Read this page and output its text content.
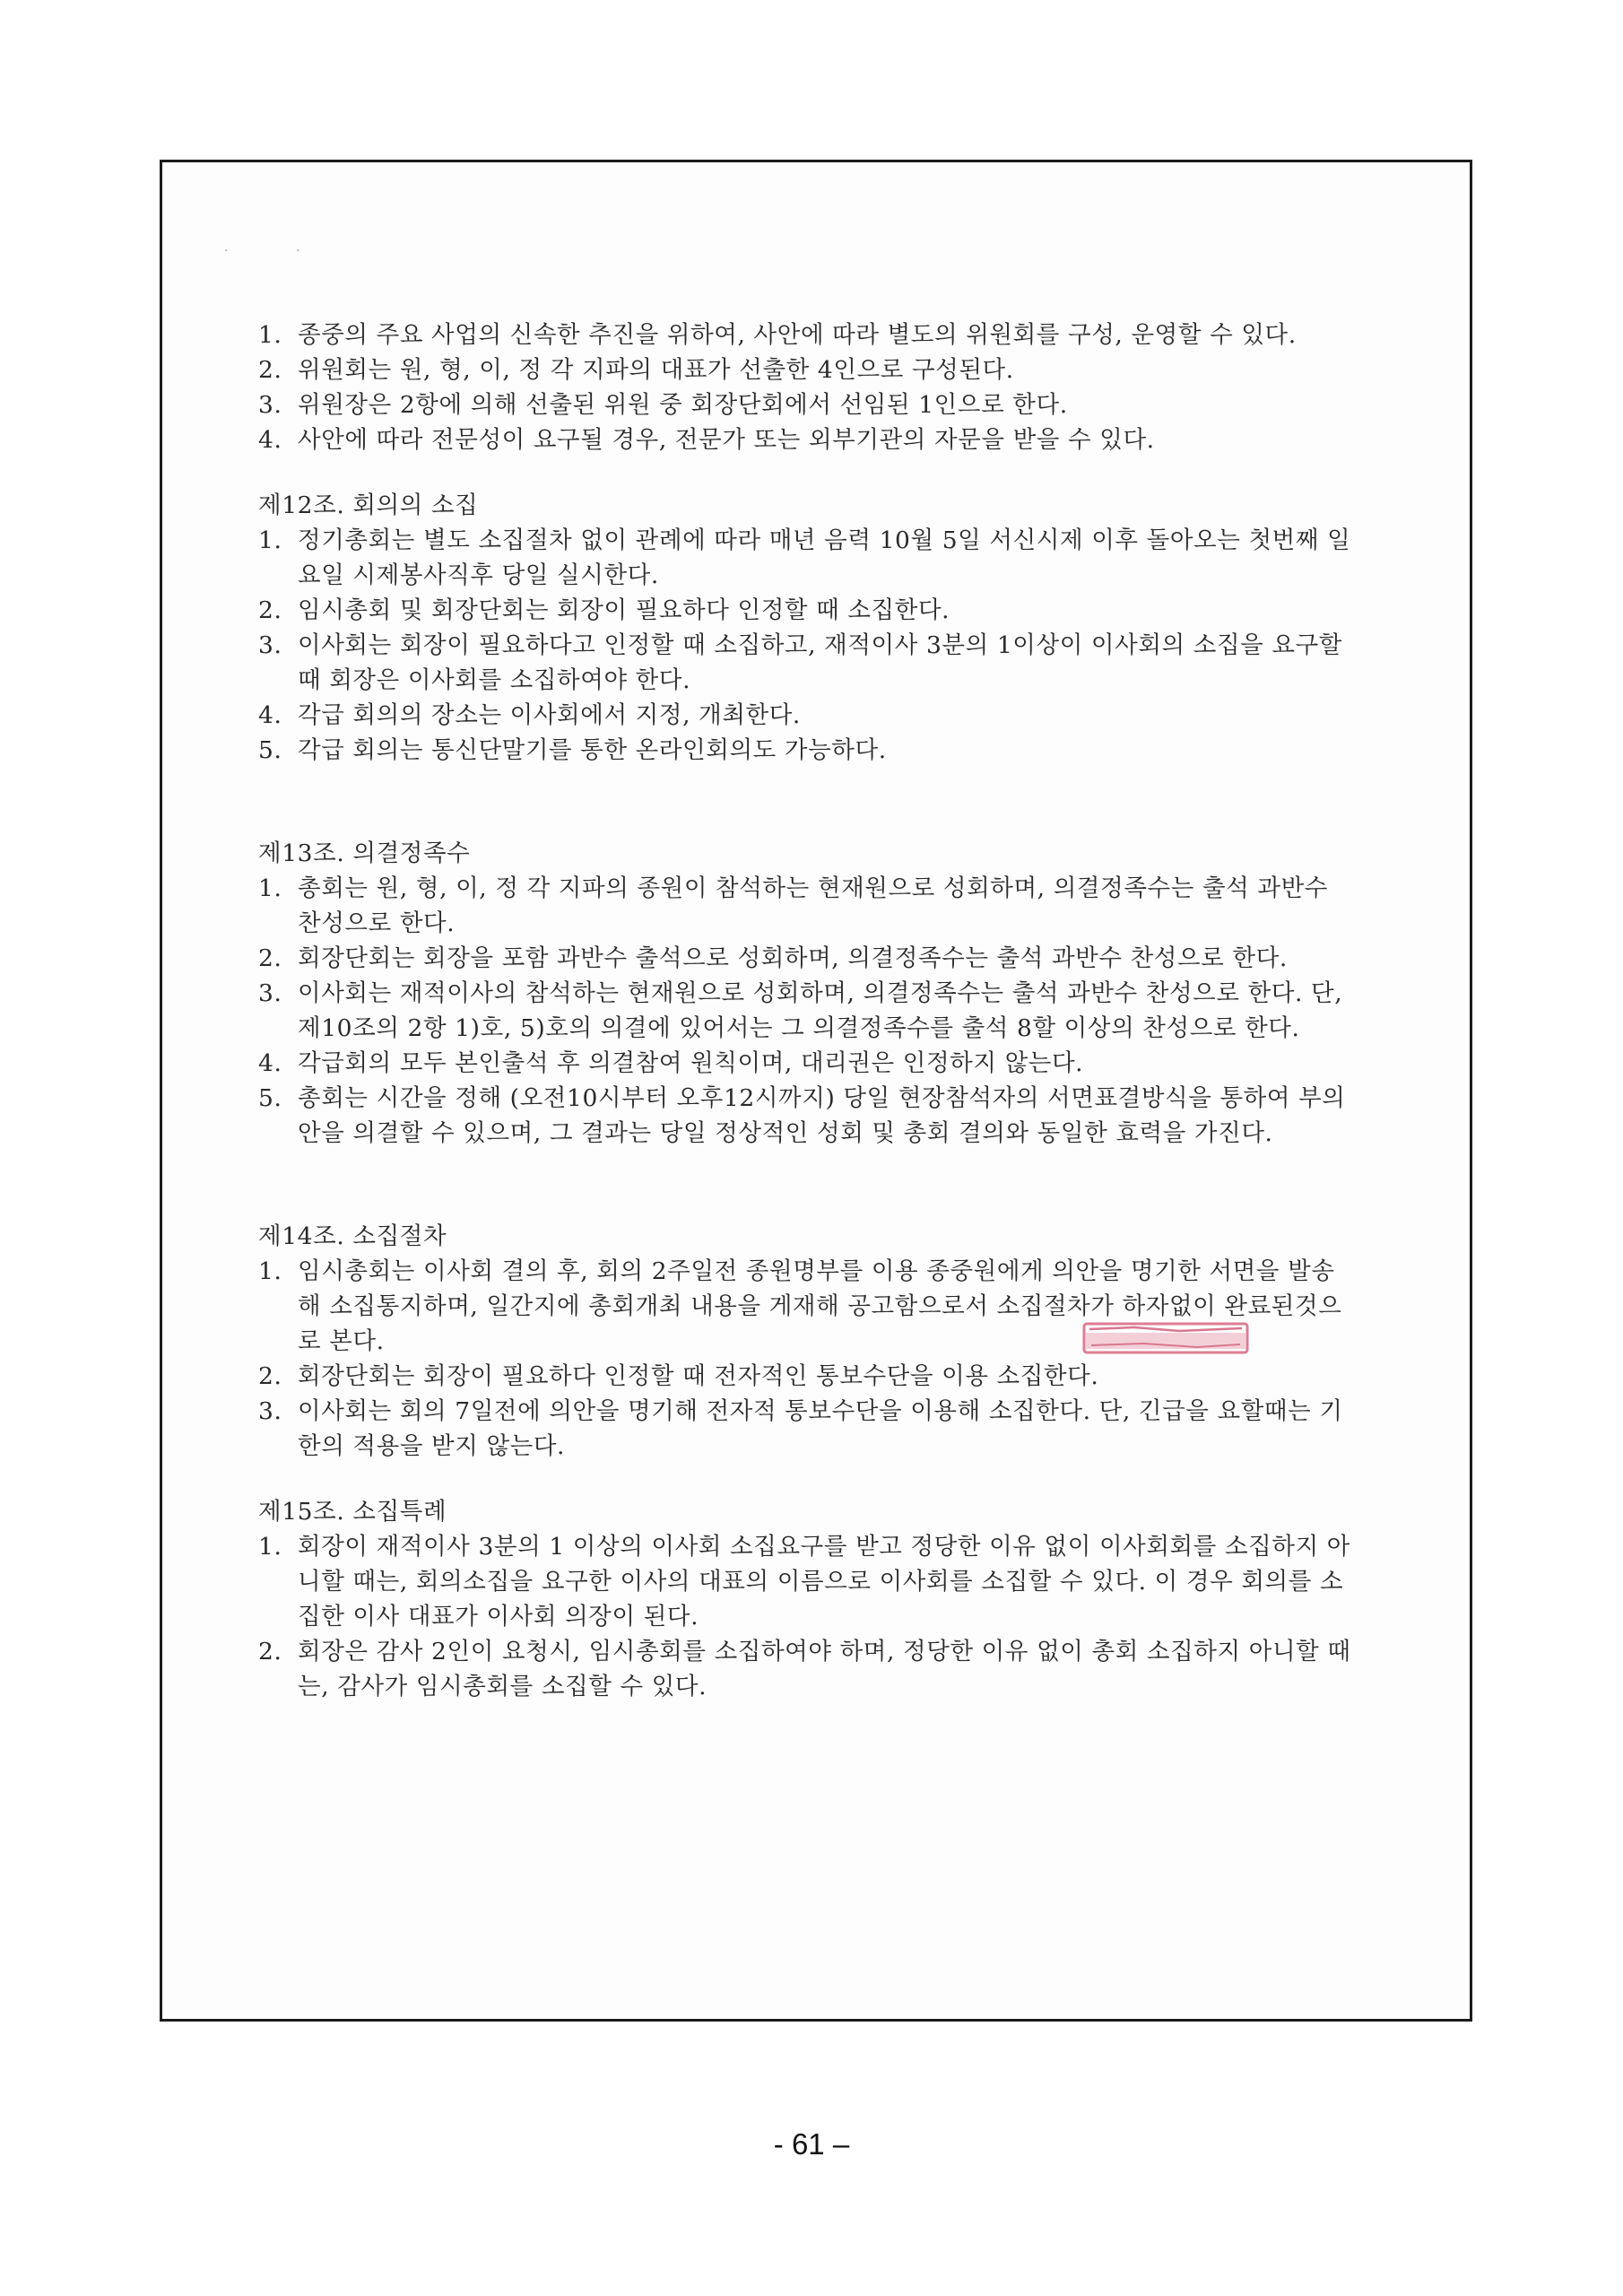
·                 ·
1. 종중의 주요 사업의 신속한 추진을 위하여, 사안에 따라 별도의 위원회를 구성, 운영할 수 있다.
2. 위원회는 원, 형, 이, 정 각 지파의 대표가 선출한 4인으로 구성된다.
3. 위원장은 2항에 의해 선출된 위원 중 회장단회에서 선임된 1인으로 한다.
4. 사안에 따라 전문성이 요구될 경우, 전문가 또는 외부기관의 자문을 받을 수 있다.
제12조. 회의의 소집
1. 정기총회는 별도 소집절차 없이 관례에 따라 매년 음력 10월 5일 서신시제 이후 돌아오는 첫번째 일요일 시제봉사직후 당일 실시한다.
2. 임시총회 및 회장단회는 회장이 필요하다 인정할 때 소집한다.
3. 이사회는 회장이 필요하다고 인정할 때 소집하고, 재적이사 3분의 1이상이 이사회의 소집을 요구할 때 회장은 이사회를 소집하여야 한다.
4. 각급 회의의 장소는 이사회에서 지정, 개최한다.
5. 각급 회의는 통신단말기를 통한 온라인회의도 가능하다.
제13조. 의결정족수
1. 총회는 원, 형, 이, 정 각 지파의 종원이 참석하는 현재원으로 성회하며, 의결정족수는 출석 과반수 찬성으로 한다.
2. 회장단회는 회장을 포함 과반수 출석으로 성회하며, 의결정족수는 출석 과반수 찬성으로 한다.
3. 이사회는 재적이사의 참석하는 현재원으로 성회하며, 의결정족수는 출석 과반수 찬성으로 한다. 단, 제10조의 2항 1)호, 5)호의 의결에 있어서는 그 의결정족수를 출석 8할 이상의 찬성으로 한다.
4. 각급회의 모두 본인출석 후 의결참여 원칙이며, 대리권은 인정하지 않는다.
5. 총회는 시간을 정해 (오전10시부터 오후12시까지) 당일 현장참석자의 서면표결방식을 통하여 부의안을 의결할 수 있으며, 그 결과는 당일 정상적인 성회 및 총회 결의와 동일한 효력을 가진다.
제14조. 소집절차
1. 임시총회는 이사회 결의 후, 회의 2주일전 종원명부를 이용 종중원에게 의안을 명기한 서면을 발송해 소집통지하며, 일간지에 총회개최 내용을 게재해 공고함으로서 소집절차가 하자없이 완료된것으로 본다.
2. 회장단회는 회장이 필요하다 인정할 때 전자적인 통보수단을 이용 소집한다.
3. 이사회는 회의 7일전에 의안을 명기해 전자적 통보수단을 이용해 소집한다. 단, 긴급을 요할때는 기한의 적용을 받지 않는다.
제15조. 소집특례
1. 회장이 재적이사 3분의 1 이상의 이사회 소집요구를 받고 정당한 이유 없이 이사회회를 소집하지 아니할 때는, 회의소집을 요구한 이사의 대표의 이름으로 이사회를 소집할 수 있다. 이 경우 회의를 소집한 이사 대표가 이사회 의장이 된다.
2. 회장은 감사 2인이 요청시, 임시총회를 소집하여야 하며, 정당한 이유 없이 총회 소집하지 아니할 때는, 감사가 임시총회를 소집할 수 있다.
- 61 –
